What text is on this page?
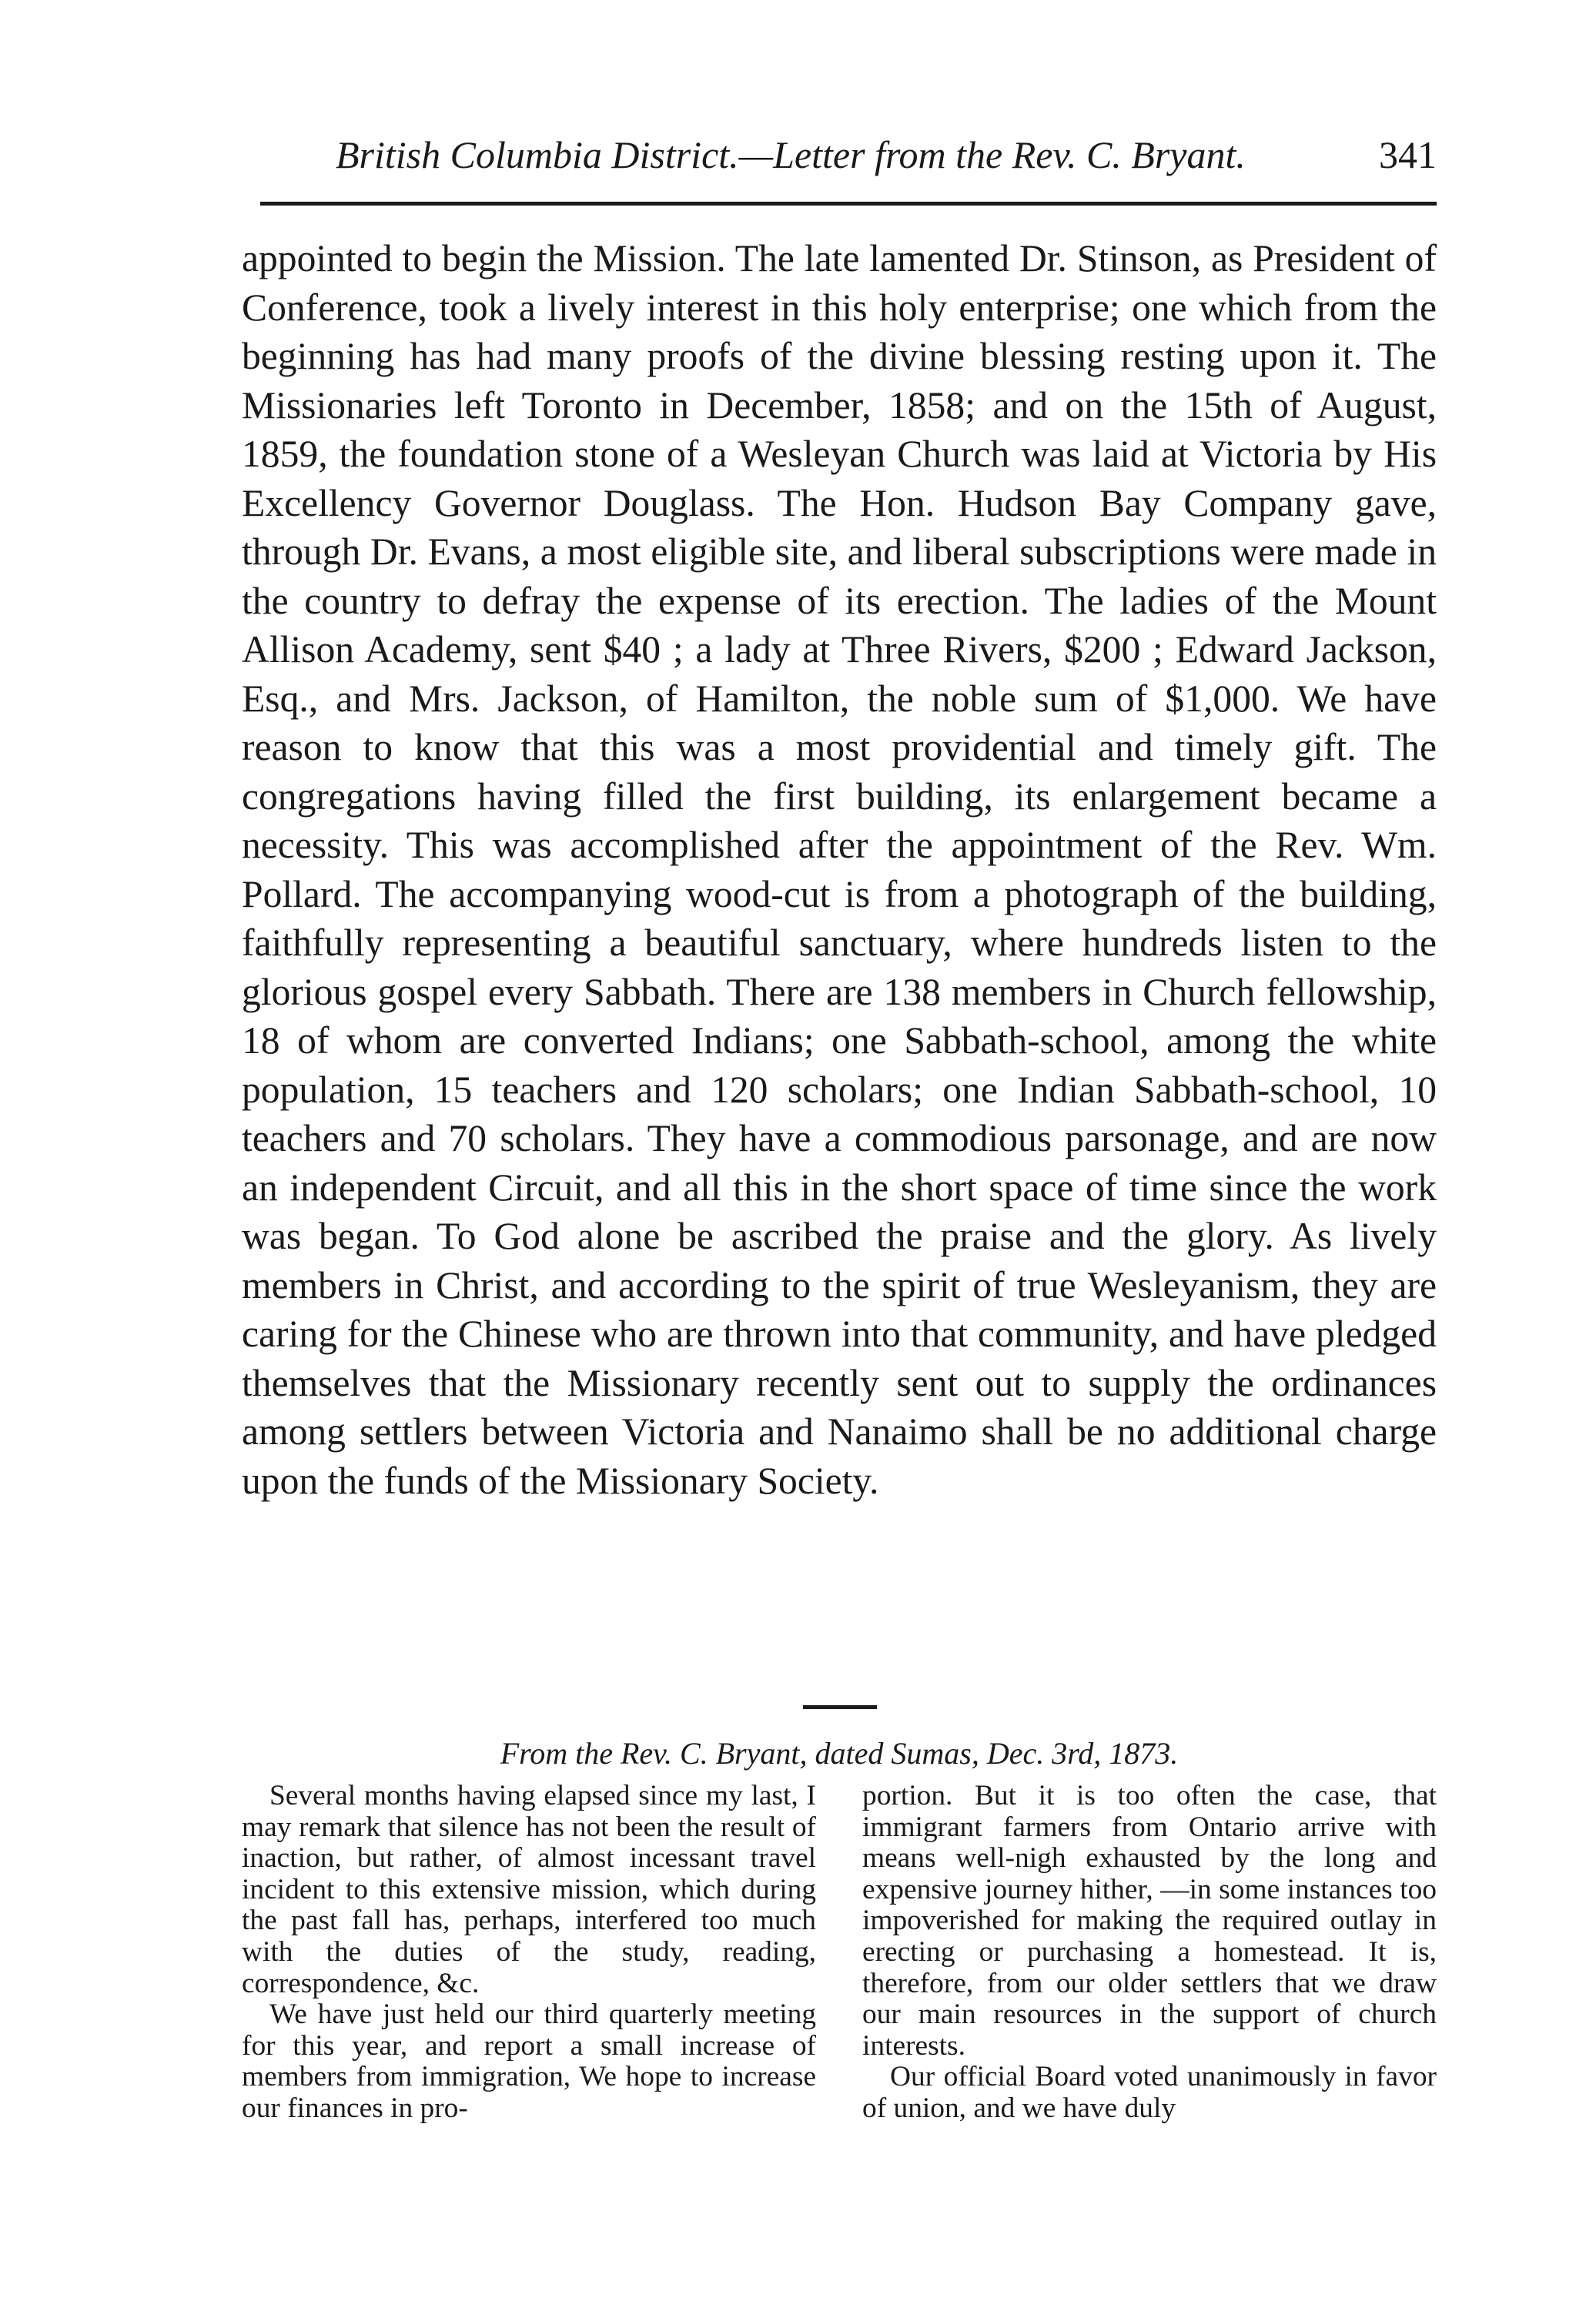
British Columbia District.—Letter from the Rev. C. Bryant.	341

appointed to begin the Mission. The late lamented Dr. Stinson, as President of Conference, took a lively interest in this holy enterprise; one which from the beginning has had many proofs of the divine blessing resting upon it. The Missionaries left Toronto in December, 1858; and on the 15th of August, 1859, the foundation stone of a Wesleyan Church was laid at Victoria by His Excellency Governor Douglass. The Hon. Hudson Bay Company gave, through Dr. Evans, a most eligible site, and liberal subscriptions were made in the country to defray the expense of its erection. The ladies of the Mount Allison Academy, sent $40 ; a lady at Three Rivers, $200 ; Edward Jackson, Esq., and Mrs. Jackson, of Hamilton, the noble sum of $1,000. We have reason to know that this was a most providential and timely gift. The congregations having filled the first building, its enlargement became a necessity. This was accomplished after the appointment of the Rev. Wm. Pollard. The accompanying wood-cut is from a photograph of the building, faithfully representing a beautiful sanctuary, where hundreds listen to the glorious gospel every Sabbath. There are 138 members in Church fellowship, 18 of whom are converted Indians; one Sabbath-school, among the white population, 15 teachers and 120 scholars; one Indian Sabbath-school, 10 teachers and 70 scholars. They have a commodious parsonage, and are now an independent Circuit, and all this in the short space of time since the work was began. To God alone be ascribed the praise and the glory. As lively members in Christ, and according to the spirit of true Wesleyanism, they are caring for the Chinese who are thrown into that community, and have pledged themselves that the Missionary recently sent out to supply the ordinances among settlers between Victoria and Nanaimo shall be no additional charge upon the funds of the Missionary Society.

From the Rev. C. Bryant, dated Sumas, Dec. 3rd, 1873.

Several months having elapsed since my last, I may remark that silence has not been the result of inaction, but rather, of almost incessant travel incident to this extensive mission, which during the past fall has, perhaps, interfered too much with the duties of the study, reading, correspondence, &c.

We have just held our third quarterly meeting for this year, and report a small increase of members from immigration, We hope to increase our finances in pro-

portion. But it is too often the case, that immigrant farmers from Ontario arrive with means well-nigh exhausted by the long and expensive journey hither, —in some instances too impoverished for making the required outlay in erecting or purchasing a homestead. It is, therefore, from our older settlers that we draw our main resources in the support of church interests.

Our official Board voted unanimously in favor of union, and we have duly
